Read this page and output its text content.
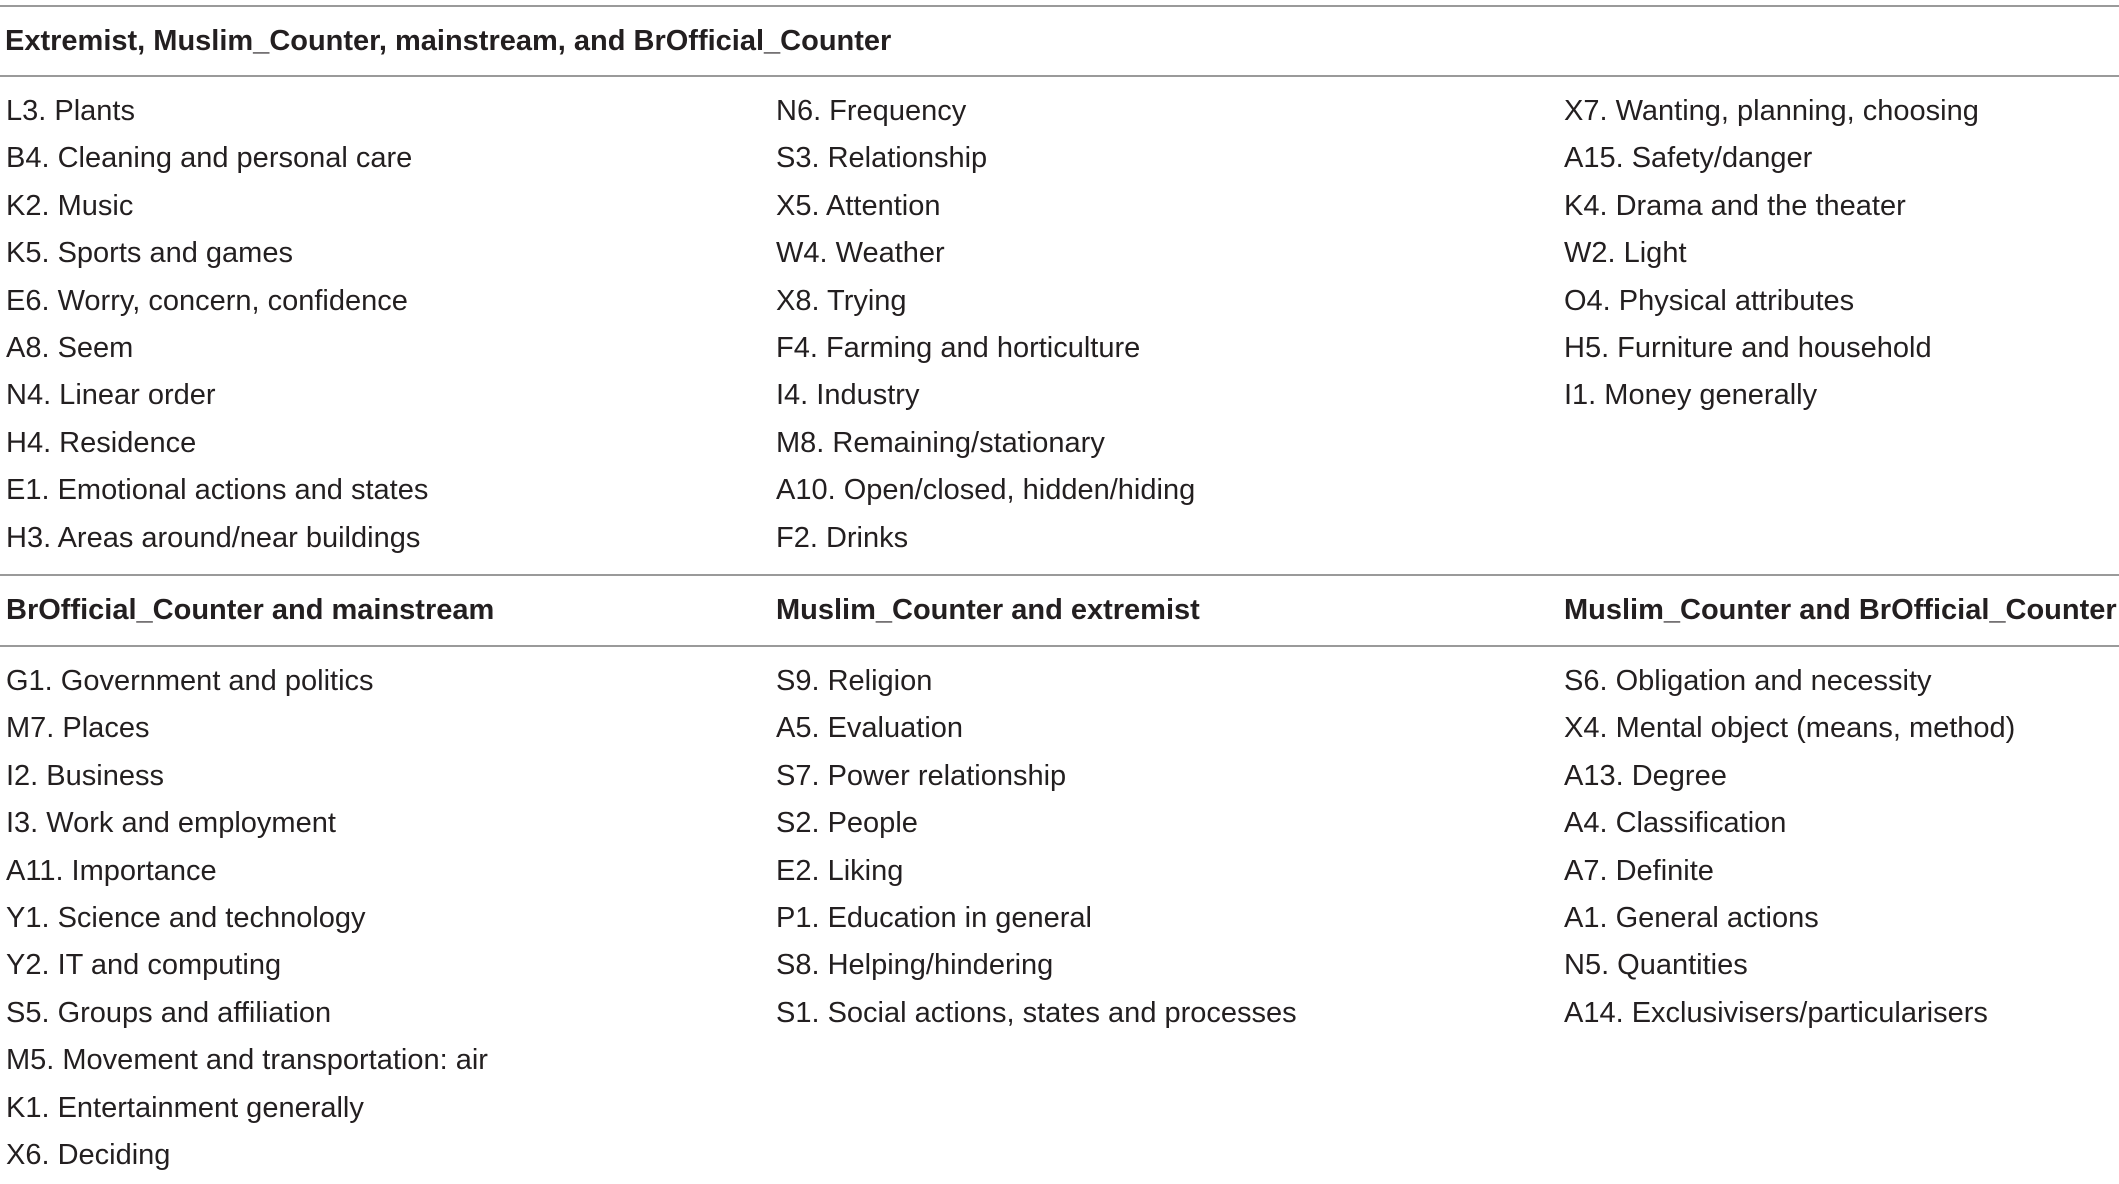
Extremist, Muslim_Counter, mainstream, and BrOfficial_Counter
L3. Plants
B4. Cleaning and personal care
K2. Music
K5. Sports and games
E6. Worry, concern, confidence
A8. Seem
N4. Linear order
H4. Residence
E1. Emotional actions and states
H3. Areas around/near buildings
N6. Frequency
S3. Relationship
X5. Attention
W4. Weather
X8. Trying
F4. Farming and horticulture
I4. Industry
M8. Remaining/stationary
A10. Open/closed, hidden/hiding
F2. Drinks
X7. Wanting, planning, choosing
A15. Safety/danger
K4. Drama and the theater
W2. Light
O4. Physical attributes
H5. Furniture and household
I1. Money generally
BrOfficial_Counter and mainstream	Muslim_Counter and extremist	Muslim_Counter and BrOfficial_Counter
G1. Government and politics
M7. Places
I2. Business
I3. Work and employment
A11. Importance
Y1. Science and technology
Y2. IT and computing
S5. Groups and affiliation
M5. Movement and transportation: air
K1. Entertainment generally
X6. Deciding
S9. Religion
A5. Evaluation
S7. Power relationship
S2. People
E2. Liking
P1. Education in general
S8. Helping/hindering
S1. Social actions, states and processes
S6. Obligation and necessity
X4. Mental object (means, method)
A13. Degree
A4. Classification
A7. Definite
A1. General actions
N5. Quantities
A14. Exclusivisers/particularisers
